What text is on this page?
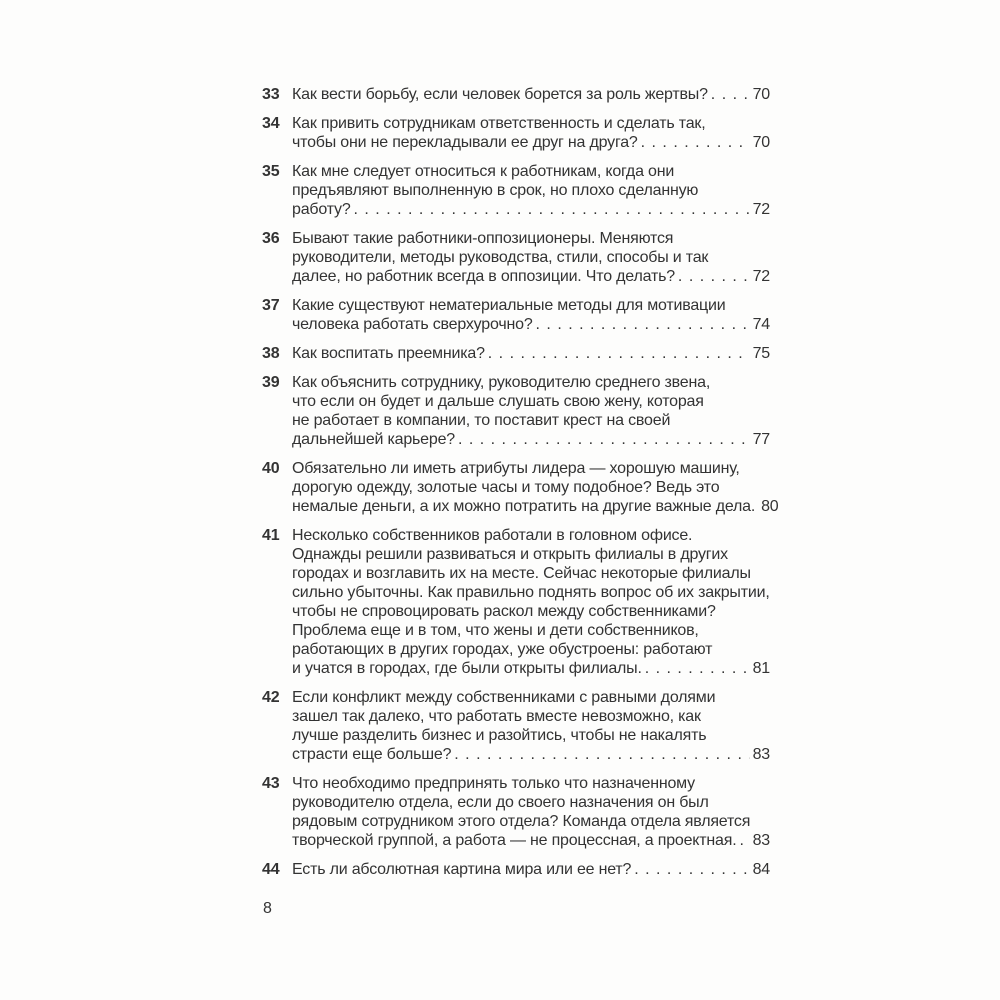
33 Как вести борьбу, если человек борется за роль жертвы? . . .	70
34 Как привить сотрудникам ответственность и сделать так,
чтобы они не перекладывали ее друг на друга? . . .	70
35 Как мне следует относиться к работникам, когда они
предъявляют выполненную в срок, но плохо сделанную
работу? . . .	72
36 Бывают такие работники-оппозиционеры. Меняются
руководители, методы руководства, стили, способы и так
далее, но работник всегда в оппозиции. Что делать? . . .	72
37 Какие существуют нематериальные методы для мотивации
человека работать сверхурочно? . . .	74
38 Как воспитать преемника? . . .	75
39 Как объяснить сотруднику, руководителю среднего звена,
что если он будет и дальше слушать свою жену, которая
не работает в компании, то поставит крест на своей
дальнейшей карьере? . . .	77
40 Обязательно ли иметь атрибуты лидера — хорошую машину,
дорогую одежду, золотые часы и тому подобное? Ведь это
немалые деньги, а их можно потратить на другие важные дела. . . . 80
41 Несколько собственников работали в головном офисе.
Однажды решили развиваться и открыть филиалы в других
городах и возглавить их на месте. Сейчас некоторые филиалы
сильно убыточны. Как правильно поднять вопрос об их закрытии,
чтобы не спровоцировать раскол между собственниками?
Проблема еще и в том, что жены и дети собственников,
работающих в других городах, уже обустроены: работают
и учатся в городах, где были открыты филиалы. . . .	81
42 Если конфликт между собственниками с равными долями
зашел так далеко, что работать вместе невозможно, как
лучше разделить бизнес и разойтись, чтобы не накалять
страсти еще больше? . . .	83
43 Что необходимо предпринять только что назначенному
руководителю отдела, если до своего назначения он был
рядовым сотрудником этого отдела? Команда отдела является
творческой группой, а работа — не процессная, а проектная. . . . 83
44 Есть ли абсолютная картина мира или ее нет? . . .	84
8
